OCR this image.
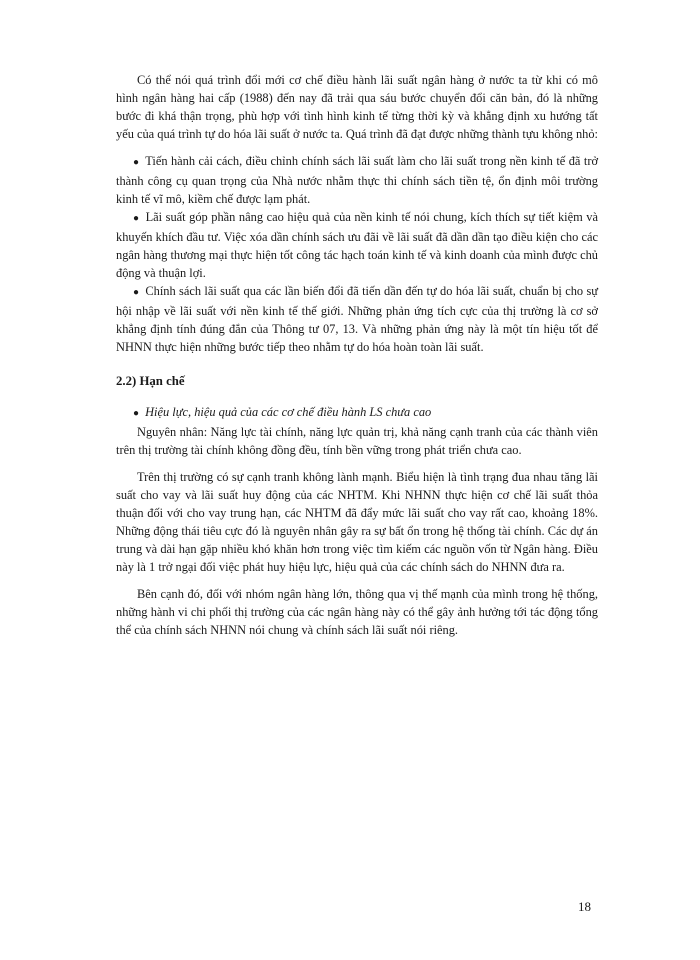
Có thể nói quá trình đổi mới cơ chế điều hành lãi suất ngân hàng ở nước ta từ khi có mô hình ngân hàng hai cấp (1988) đến nay đã trải qua sáu bước chuyển đổi căn bản, đó là những bước đi khá thận trọng, phù hợp với tình hình kinh tế từng thời kỳ và khẳng định xu hướng tất yếu của quá trình tự do hóa lãi suất ở nước ta. Quá trình đã đạt được những thành tựu không nhỏ:

● Tiến hành cải cách, điều chỉnh chính sách lãi suất làm cho lãi suất trong nền kinh tế đã trở thành công cụ quan trọng của Nhà nước nhằm thực thi chính sách tiền tệ, ổn định môi trường kinh tế vĩ mô, kiềm chế được lạm phát.

● Lãi suất góp phần nâng cao hiệu quả của nền kinh tế nói chung, kích thích sự tiết kiệm và khuyến khích đầu tư. Việc xóa dần chính sách ưu đãi về lãi suất đã dần dần tạo điều kiện cho các ngân hàng thương mại thực hiện tốt công tác hạch toán kinh tế và kinh doanh của mình được chủ động và thuận lợi.

● Chính sách lãi suất qua các lần biến đổi đã tiến dần đến tự do hóa lãi suất, chuẩn bị cho sự hội nhập về lãi suất với nền kinh tế thế giới. Những phản ứng tích cực của thị trường là cơ sở khẳng định tính đúng đắn của Thông tư 07, 13. Và những phản ứng này là một tín hiệu tốt để NHNN thực hiện những bước tiếp theo nhằm tự do hóa hoàn toàn lãi suất.

2.2) Hạn chế

● Hiệu lực, hiệu quả của các cơ chế điều hành LS chưa cao

Nguyên nhân: Năng lực tài chính, năng lực quản trị, khả năng cạnh tranh của các thành viên trên thị trường tài chính không đồng đều, tính bền vững trong phát triển chưa cao.

Trên thị trường có sự cạnh tranh không lành mạnh. Biểu hiện là tình trạng đua nhau tăng lãi suất cho vay và lãi suất huy động của các NHTM. Khi NHNN thực hiện cơ chế lãi suất thỏa thuận đối với cho vay trung hạn, các NHTM đã đẩy mức lãi suất cho vay rất cao, khoảng 18%. Những động thái tiêu cực đó là nguyên nhân gây ra sự bất ổn trong hệ thống tài chính. Các dự án trung và dài hạn gặp nhiều khó khăn hơn trong việc tìm kiếm các nguồn vốn từ Ngân hàng. Điều này là 1 trở ngại đối việc phát huy hiệu lực, hiệu quả của các chính sách do NHNN đưa ra.

Bên cạnh đó, đối với nhóm ngân hàng lớn, thông qua vị thế mạnh của mình trong hệ thống, những hành vi chi phối thị trường của các ngân hàng này có thể gây ảnh hưởng tới tác động tổng thể của chính sách NHNN nói chung và chính sách lãi suất nói riêng.

18
